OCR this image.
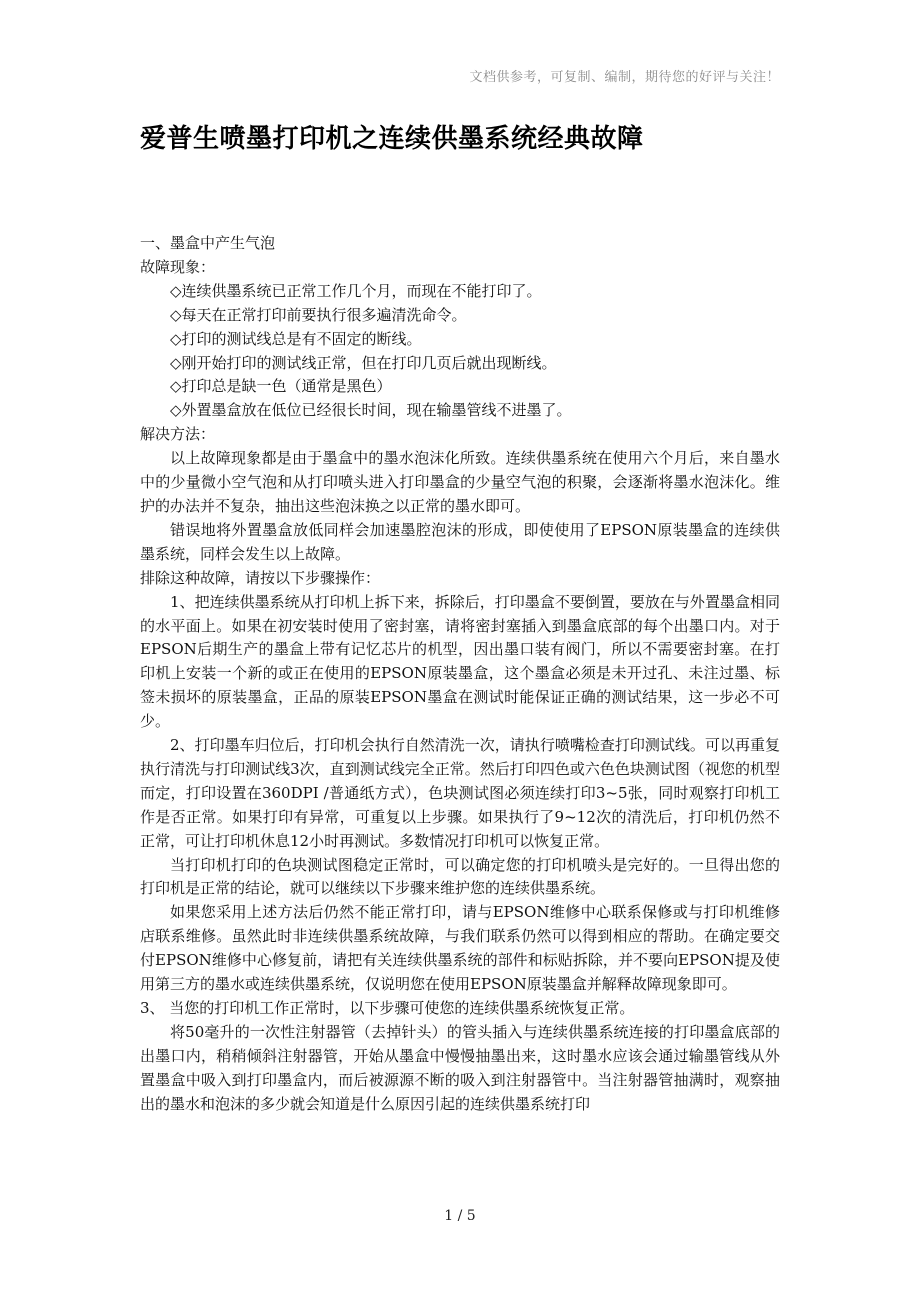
文档供参考，可复制、编制，期待您的好评与关注！
爱普生喷墨打印机之连续供墨系统经典故障

一、墨盒中产生气泡

故障现象：

◇连续供墨系统已正常工作几个月，而现在不能打印了。

◇每天在正常打印前要执行很多遍清洗命令。

◇打印的测试线总是有不固定的断线。

◇刚开始打印的测试线正常，但在打印几页后就出现断线。

◇打印总是缺一色（通常是黑色）

◇外置墨盒放在低位已经很长时间，现在输墨管线不进墨了。

解决方法：

以上故障现象都是由于墨盒中的墨水泡沫化所致。连续供墨系统在使用六个月后，来自墨水中的少量微小空气泡和从打印喷头进入打印墨盒的少量空气泡的积聚，会逐渐将墨水泡沫化。维护的办法并不复杂，抽出这些泡沫换之以正常的墨水即可。

错误地将外置墨盒放低同样会加速墨腔泡沫的形成，即使使用了EPSON原装墨盒的连续供墨系统，同样会发生以上故障。

排除这种故障，请按以下步骤操作：

1、把连续供墨系统从打印机上拆下来，拆除后，打印墨盒不要倒置，要放在与外置墨盒相同的水平面上。如果在初安装时使用了密封塞，请将密封塞插入到墨盒底部的每个出墨口内。对于EPSON后期生产的墨盒上带有记忆芯片的机型，因出墨口装有阀门，所以不需要密封塞。在打印机上安装一个新的或正在使用的EPSON原装墨盒，这个墨盒必须是未开过孔、未注过墨、标签未损坏的原装墨盒，正品的原装EPSON墨盒在测试时能保证正确的测试结果，这一步必不可少。

2、打印墨车归位后，打印机会执行自然清洗一次，请执行喷嘴检查打印测试线。可以再重复执行清洗与打印测试线3次，直到测试线完全正常。然后打印四色或六色色块测试图（视您的机型而定，打印设置在360DPI /普通纸方式），色块测试图必须连续打印3~5张，同时观察打印机工作是否正常。如果打印有异常，可重复以上步骤。如果执行了9~12次的清洗后，打印机仍然不正常，可让打印机休息12小时再测试。多数情况打印机可以恢复正常。

当打印机打印的色块测试图稳定正常时，可以确定您的打印机喷头是完好的。一旦得出您的打印机是正常的结论，就可以继续以下步骤来维护您的连续供墨系统。

如果您采用上述方法后仍然不能正常打印，请与EPSON维修中心联系保修或与打印机维修店联系维修。虽然此时非连续供墨系统故障，与我们联系仍然可以得到相应的帮助。在确定要交付EPSON维修中心修复前，请把有关连续供墨系统的部件和标贴拆除，并不要向EPSON提及使用第三方的墨水或连续供墨系统，仅说明您在使用EPSON原装墨盒并解释故障现象即可。

3、 当您的打印机工作正常时，以下步骤可使您的连续供墨系统恢复正常。

将50毫升的一次性注射器管（去掉针头）的管头插入与连续供墨系统连接的打印墨盒底部的出墨口内，稍稍倾斜注射器管，开始从墨盒中慢慢抽墨出来，这时墨水应该会通过输墨管线从外置墨盒中吸入到打印墨盒内，而后被源源不断的吸入到注射器管中。当注射器管抽满时，观察抽出的墨水和泡沫的多少就会知道是什么原因引起的连续供墨系统打印

1 / 5
